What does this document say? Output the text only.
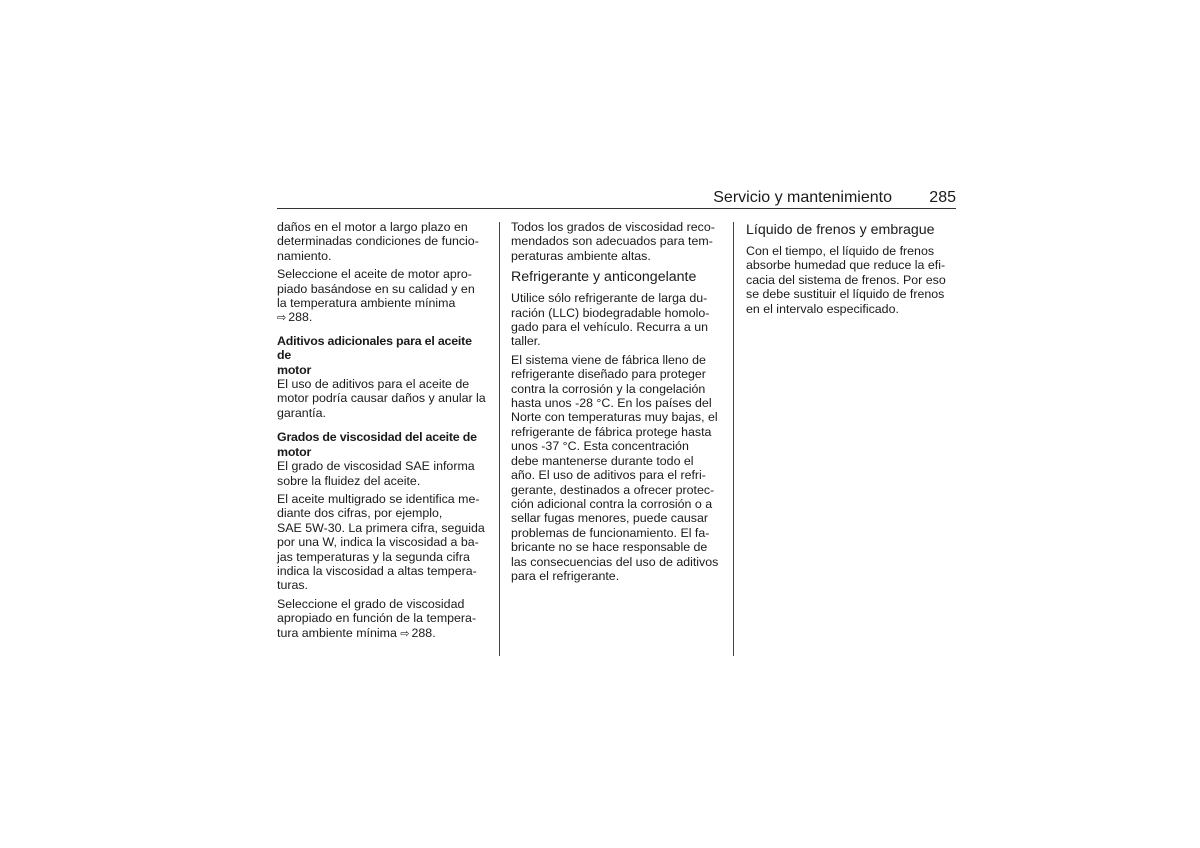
Servicio y mantenimiento 285

daños en el motor a largo plazo en
determinadas condiciones de funcio‐
namiento.

Seleccione el aceite de motor apro‐
piado basándose en su calidad y en
la temperatura ambiente mínima
⇨ 288.

Aditivos adicionales para el aceite de
motor

El uso de aditivos para el aceite de
motor podría causar daños y anular la
garantía.

Grados de viscosidad del aceite de
motor

El grado de viscosidad SAE informa
sobre la fluidez del aceite.

El aceite multigrado se identifica me‐
diante dos cifras, por ejemplo,
SAE 5W-30. La primera cifra, seguida
por una W, indica la viscosidad a ba‐
jas temperaturas y la segunda cifra
indica la viscosidad a altas tempera‐
turas.

Seleccione el grado de viscosidad
apropiado en función de la tempera‐
tura ambiente mínima ⇨ 288.

Todos los grados de viscosidad reco‐
mendados son adecuados para tem‐
peraturas ambiente altas.

Refrigerante y anticongelante

Utilice sólo refrigerante de larga du‐
ración (LLC) biodegradable homolo‐
gado para el vehículo. Recurra a un
taller.

El sistema viene de fábrica lleno de
refrigerante diseñado para proteger
contra la corrosión y la congelación
hasta unos -28 °C. En los países del
Norte con temperaturas muy bajas, el
refrigerante de fábrica protege hasta
unos -37 °C. Esta concentración
debe mantenerse durante todo el
año. El uso de aditivos para el refri‐
gerante, destinados a ofrecer protec‐
ción adicional contra la corrosión o a
sellar fugas menores, puede causar
problemas de funcionamiento. El fa‐
bricante no se hace responsable de
las consecuencias del uso de aditivos
para el refrigerante.

Líquido de frenos y embrague

Con el tiempo, el líquido de frenos
absorbe humedad que reduce la efi‐
cacia del sistema de frenos. Por eso
se debe sustituir el líquido de frenos
en el intervalo especificado.
